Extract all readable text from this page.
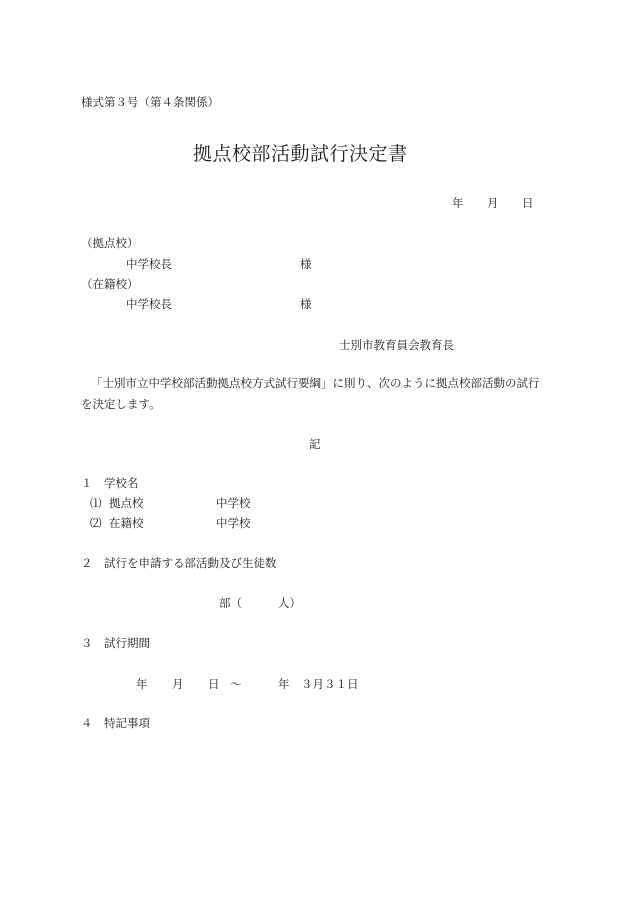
様式第３号（第４条関係）
拠点校部活動試行決定書
年 月 日
（拠点校）
中学校長	様
（在籍校）
中学校長	様
士別市教育員会教育長
「士別市立中学校部活動拠点校方式試行要綱」に則り、次のように拠点校部活動の試行
を決定します。
記
１ 学校名
⑴ 拠点校	中学校
⑵ 在籍校	中学校
２ 試行を申請する部活動及び生徒数
部（	人）
３ 試行期間
年 月 日 ～	年 ３月３１日
４ 特記事項
